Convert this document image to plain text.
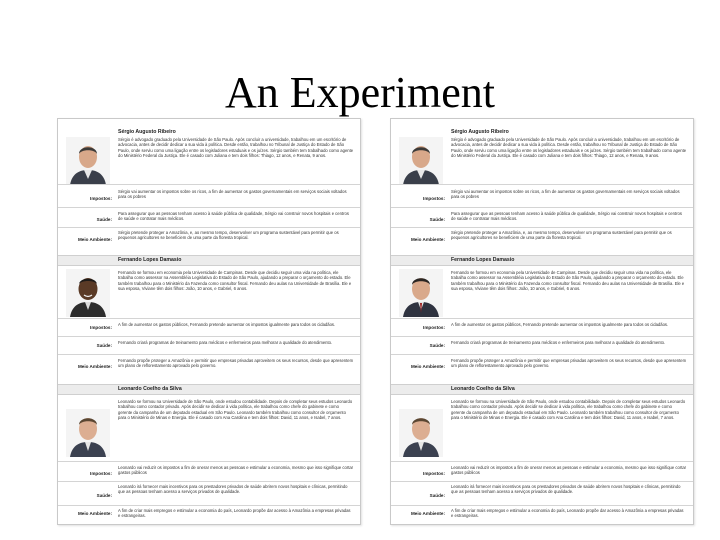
An Experiment
Sérgio Augusto Ribeiro
Sérgio é advogado graduado pela Universidade de São Paulo. Após concluir a universidade, trabalhou em um escritório de advocacia, antes de decidir dedicar a sua vida à política. Desde então, trabalhou no Tribunal de Justiça do Estado de São Paulo, onde serviu como uma ligação entre os legisladores estaduais e os juízes. Sérgio também tem trabalhado como agente do Ministério Federal da Justiça. Ele é casado com Juliana e tem dois filhos: Thiago, 12 anos, e Renata, 9 anos.
Impostos:
Sérgio vai aumentar os impostos sobre os ricos, a fim de aumentar os gastos governamentais em serviços sociais voltados para os pobres
Saúde:
Para assegurar que as pessoas tenham acesso à saúde pública de qualidade, Sérgio vai construir novos hospitais e centros de saúde e contratar mais médicos.
Meio Ambiente:
Sérgio pretende proteger a Amazônia, e, ao mesmo tempo, desenvolver um programa sustentável para permitir que os pequenos agricultores se beneficiem de uma parte da floresta tropical.
Fernando Lopes Damasio
Fernando se formou em economia pela Universidade de Campinas. Desde que decidiu seguir uma vida na política, ele trabalha como assessor na Assembléia Legislativa do Estado de São Paulo, ajudando a preparar o orçamento do estado. Ele também trabalhou para o Ministério da Fazenda como consultor fiscal. Fernando deu aulas na Universidade de Brasília. Ele e sua esposa, Viviane têm dois filhos: João, 10 anos, e Gabriel, 6 anos.
Impostos:
A fim de aumentar os gastos públicos, Fernando pretende aumentar os impostos igualmente para todos os cidadãos.
Saúde:
Fernando criará programas de treinamento para médicos e enfermeiros para melhorar a qualidade do atendimento.
Meio Ambiente:
Fernando propõe proteger a Amazônia e permitir que empresas privadas aproveitem os seus recursos, desde que apresentem um plano de reflorestamento aprovado pelo governo.
Leonardo Coelho da Silva
Leonardo se formou na Universidade de São Paulo, onde estudou contabilidade. Depois de completar seus estudos Leonardo trabalhou como contador privado. Após decidir se dedicar à vida política, ele trabalhou como chefe do gabinete e como gerente da campanha de um deputado estadual em São Paulo. Leonardo também trabalhou como consultor de orçamento para o Ministério de Minas e Energia. Ele é casado com Ana Carolina e tem dois filhos: David, 11 anos, e Isabel, 7 anos.
Impostos:
Leonardo vai reduzir os impostos a fim de onerar menos as pessoas e estimular a economia, mesmo que isso signifique cortar gastos públicos
Saúde:
Leonardo irá fornecer mais incentivos para os prestadores privados de saúde abrirem novos hospitais e clínicas, permitindo que as pessoas tenham acesso a serviços privados de qualidade.
Meio Ambiente:
A fim de criar mais empregos e estimular a economia do país, Leonardo propõe dar acesso à Amazônia a empresas privadas e estrangeiras.
Sérgio Augusto Ribeiro
Sérgio é advogado graduado pela Universidade de São Paulo. Após concluir a universidade, trabalhou em um escritório de advocacia, antes de decidir dedicar a sua vida à política. Desde então, trabalhou no Tribunal de Justiça do Estado de São Paulo, onde serviu como uma ligação entre os legisladores estaduais e os juízes. Sérgio também tem trabalhado como agente do Ministério Federal da Justiça. Ele é casado com Juliana e tem dois filhos: Thiago, 12 anos, e Renata, 9 anos.
Impostos:
Sérgio vai aumentar os impostos sobre os ricos, a fim de aumentar os gastos governamentais em serviços sociais voltados para os pobres
Saúde:
Para assegurar que as pessoas tenham acesso à saúde pública de qualidade, Sérgio vai construir novos hospitais e centros de saúde e contratar mais médicos.
Meio Ambiente:
Sérgio pretende proteger a Amazônia, e, ao mesmo tempo, desenvolver um programa sustentável para permitir que os pequenos agricultores se beneficiem de uma parte da floresta tropical.
Fernando Lopes Damasio
Fernando se formou em economia pela Universidade de Campinas. Desde que decidiu seguir uma vida na política, ele trabalha como assessor na Assembléia Legislativa do Estado de São Paulo, ajudando a preparar o orçamento do estado. Ele também trabalhou para o Ministério da Fazenda como consultor fiscal. Fernando deu aulas na Universidade de Brasília. Ele e sua esposa, Viviane têm dois filhos: João, 10 anos, e Gabriel, 6 anos.
Impostos:
A fim de aumentar os gastos públicos, Fernando pretende aumentar os impostos igualmente para todos os cidadãos.
Saúde:
Fernando criará programas de treinamento para médicos e enfermeiros para melhorar a qualidade do atendimento.
Meio Ambiente:
Fernando propõe proteger a Amazônia e permitir que empresas privadas aproveitem os seus recursos, desde que apresentem um plano de reflorestamento aprovado pelo governo.
Leonardo Coelho da Silva
Leonardo se formou na Universidade de São Paulo, onde estudou contabilidade. Depois de completar seus estudos Leonardo trabalhou como contador privado. Após decidir se dedicar à vida política, ele trabalhou como chefe do gabinete e como gerente da campanha de um deputado estadual em São Paulo. Leonardo também trabalhou como consultor de orçamento para o Ministério de Minas e Energia. Ele é casado com Ana Carolina e tem dois filhos: David, 11 anos, e Isabel, 7 anos.
Impostos:
Leonardo vai reduzir os impostos a fim de onerar menos as pessoas e estimular a economia, mesmo que isso signifique cortar gastos públicos
Saúde:
Leonardo irá fornecer mais incentivos para os prestadores privados de saúde abrirem novos hospitais e clínicas, permitindo que as pessoas tenham acesso a serviços privados de qualidade.
Meio Ambiente:
A fim de criar mais empregos e estimular a economia do país, Leonardo propõe dar acesso à Amazônia a empresas privadas e estrangeiras.
